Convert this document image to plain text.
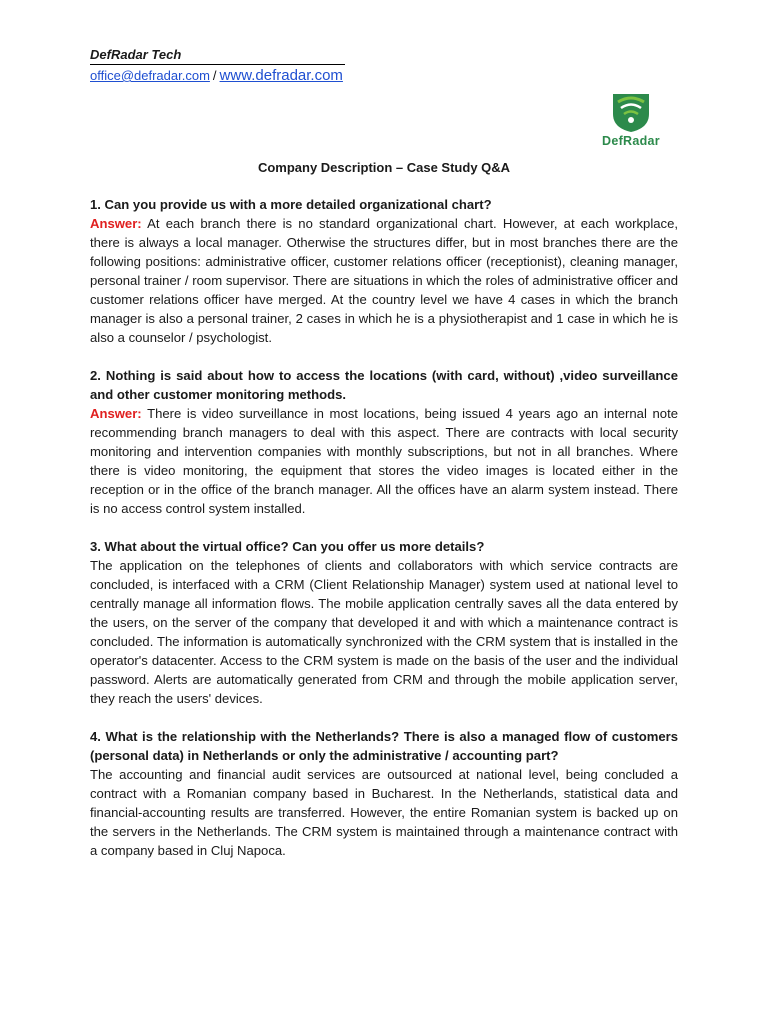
DefRadar Tech
office@defradar.com / www.defradar.com
DefRadar
Company Description – Case Study Q&A

1. Can you provide us with a more detailed organizational chart?

Answer: At each branch there is no standard organizational chart. However, at each workplace, there is always a local manager. Otherwise the structures differ, but in most branches there are the following positions: administrative officer, customer relations officer (receptionist), cleaning manager, personal trainer / room supervisor. There are situations in which the roles of administrative officer and customer relations officer have merged. At the country level we have 4 cases in which the branch manager is also a personal trainer, 2 cases in which he is a physiotherapist and 1 case in which he is also a counselor / psychologist.

2. Nothing is said about how to access the locations (with card, without) ,video surveillance and other customer monitoring methods.

Answer: There is video surveillance in most locations, being issued 4 years ago an internal note recommending branch managers to deal with this aspect. There are contracts with local security monitoring and intervention companies with monthly subscriptions, but not in all branches. Where there is video monitoring, the equipment that stores the video images is located either in the reception or in the office of the branch manager. All the offices have an alarm system instead. There is no access control system installed.

3. What about the virtual office? Can you offer us more details?

The application on the telephones of clients and collaborators with which service contracts are concluded, is interfaced with a CRM (Client Relationship Manager) system used at national level to centrally manage all information flows. The mobile application centrally saves all the data entered by the users, on the server of the company that developed it and with which a maintenance contract is concluded. The information is automatically synchronized with the CRM system that is installed in the operator's datacenter. Access to the CRM system is made on the basis of the user and the individual password. Alerts are automatically generated from CRM and through the mobile application server, they reach the users' devices.

4. What is the relationship with the Netherlands? There is also a managed flow of customers (personal data) in Netherlands or only the administrative / accounting part?

The accounting and financial audit services are outsourced at national level, being concluded a contract with a Romanian company based in Bucharest. In the Netherlands, statistical data and financial-accounting results are transferred. However, the entire Romanian system is backed up on the servers in the Netherlands. The CRM system is maintained through a maintenance contract with a company based in Cluj Napoca.
